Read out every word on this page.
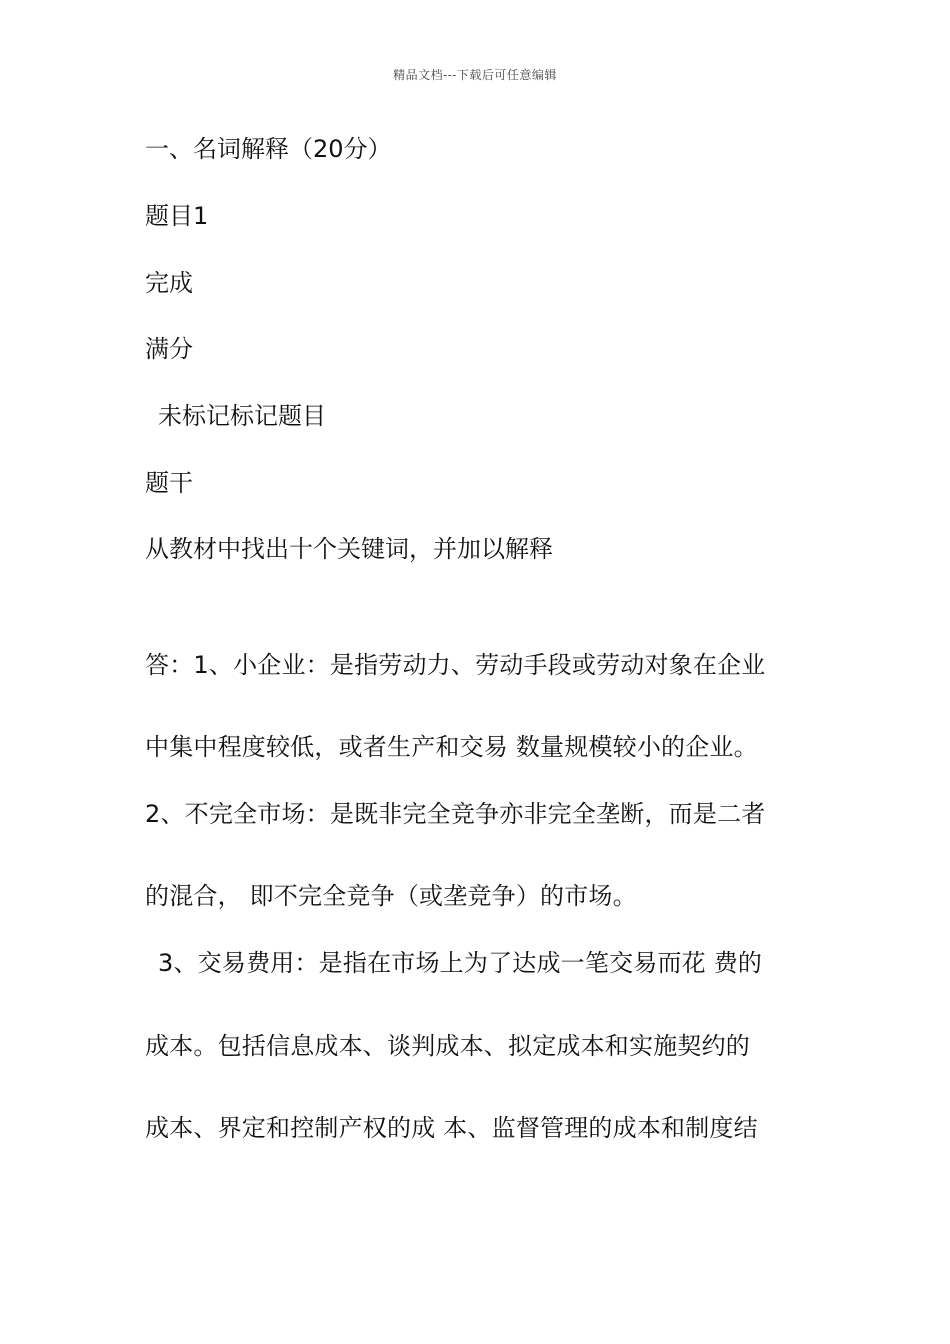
精品文档---下载后可任意编辑
一、名词解释（20分）
题目1
完成
满分
未标记标记题目
题干
从教材中找出十个关键词，并加以解释
答：1、小企业：是指劳动力、劳动手段或劳动对象在企业
中集中程度较低，或者生产和交易 数量规模较小的企业。
2、不完全市场：是既非完全竞争亦非完全垄断，而是二者
的混合， 即不完全竞争（或垄竞争）的市场。
3、交易费用：是指在市场上为了达成一笔交易而花 费的
成本。包括信息成本、谈判成本、拟定成本和实施契约的
成本、界定和控制产权的成 本、监督管理的成本和制度结
